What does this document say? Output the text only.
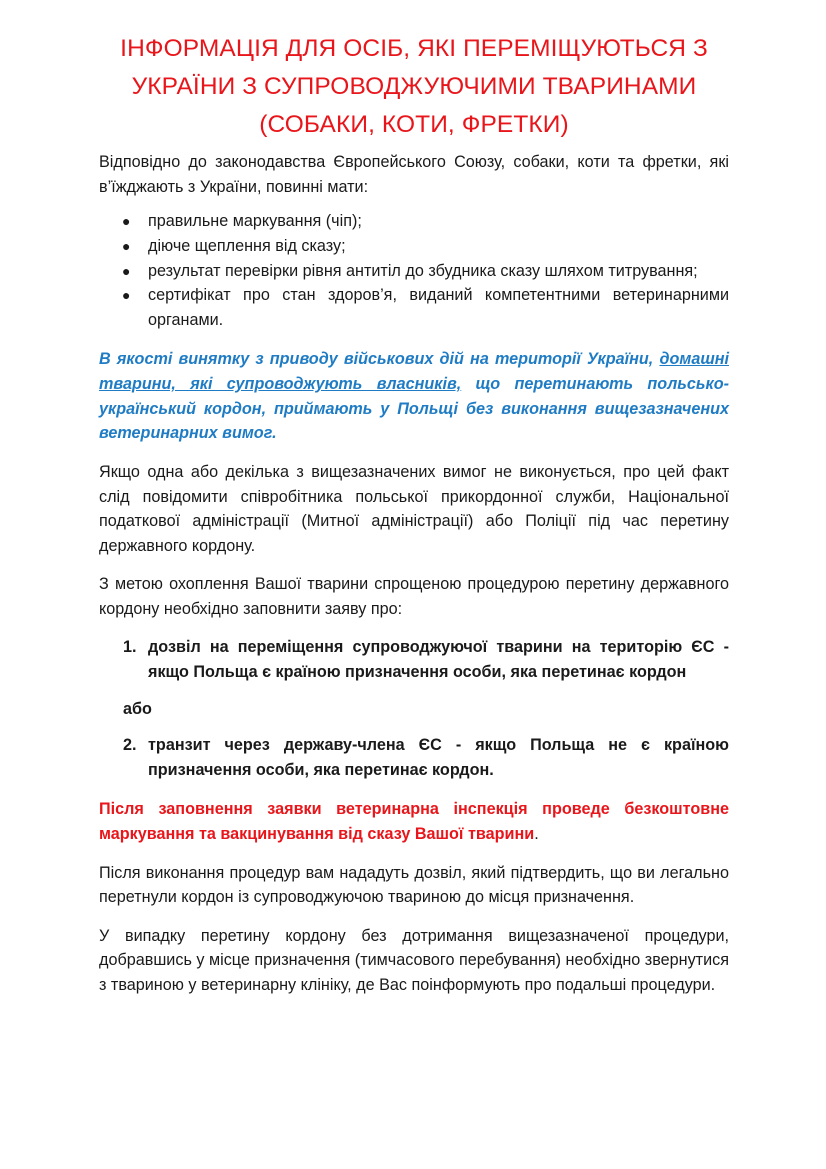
ІНФОРМАЦІЯ ДЛЯ ОСІБ, ЯКІ ПЕРЕМІЩУЮТЬСЯ З
УКРАЇНИ З СУПРОВОДЖУЮЧИМИ ТВАРИНАМИ
(СОБАКИ, КОТИ, ФРЕТКИ)

Відповідно до законодавства Європейського Союзу, собаки, коти та фретки, які в’їжджають з України, повинні мати:

● правильне маркування (чіп);
● діюче щеплення від сказу;
● результат перевірки рівня антитіл до збудника сказу шляхом титрування;
● сертифікат про стан здоров’я, виданий компетентними ветеринарними органами.

В якості винятку з приводу військових дій на території України, домашні тварини, які супроводжують власників, що перетинають польсько-український кордон, приймають у Польщі без виконання вищезазначених ветеринарних вимог.

Якщо одна або декілька з вищезазначених вимог не виконується, про цей факт слід повідомити співробітника польської прикордонної служби, Національної податкової адміністрації (Митної адміністрації) або Поліції під час перетину державного кордону.

З метою охоплення Вашої тварини спрощеною процедурою перетину державного кордону необхідно заповнити заяву про:

1. дозвіл на переміщення супроводжуючої тварини на територію ЄС - якщо Польща є країною призначення особи, яка перетинає кордон
або
2. транзит через державу-члена ЄС - якщо Польща не є країною призначення особи, яка перетинає кордон.

Після заповнення заявки ветеринарна інспекція проведе безкоштовне маркування та вакцинування від сказу Вашої тварини.

Після виконання процедур вам нададуть дозвіл, який підтвердить, що ви легально перетнули кордон із супроводжуючою твариною до місця призначення.

У випадку перетину кордону без дотримання вищезазначеної процедури, добравшись у місце призначення (тимчасового перебування) необхідно звернутися з твариною у ветеринарну клініку, де Вас поінформують про подальші процедури.
